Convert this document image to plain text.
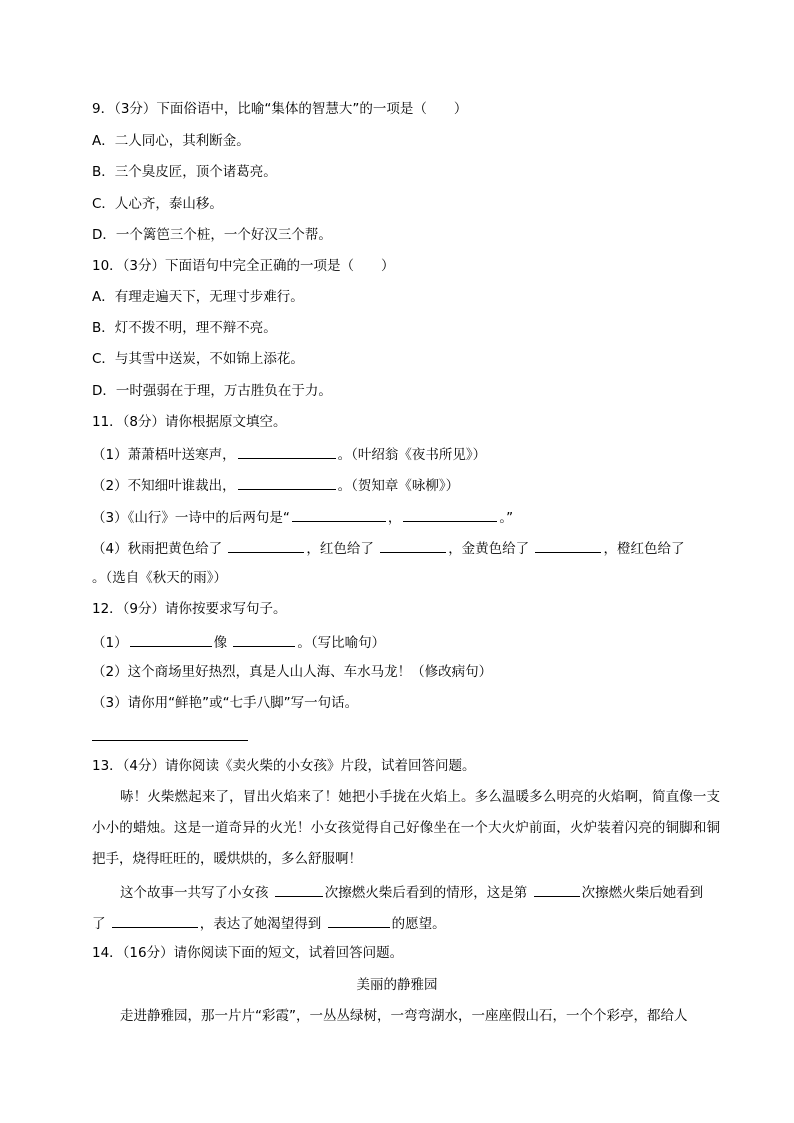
9．（3分）下面俗语中，比喻“集体的智慧大”的一项是（　　）
A．二人同心，其利断金。
B．三个臭皮匠，顶个诸葛亮。
C．人心齐，泰山移。
D．一个篱笆三个桩，一个好汉三个帮。
10．（3分）下面语句中完全正确的一项是（　　）
A．有理走遍天下，无理寸步难行。
B．灯不拨不明，理不辩不亮。
C．与其雪中送炭，不如锦上添花。
D．一时强弱在于理，万古胜负在于力。
11．（8分）请你根据原文填空。
（1）萧萧梧叶送寒声，	。（叶绍翁《夜书所见》）
（2）不知细叶谁裁出，	。（贺知章《咏柳》）
（3）《山行》一诗中的后两句是“	，	。”
（4）秋雨把黄色给了	，红色给了	，金黄色给了	，橙红色给了
。（选自《秋天的雨》）
12．（9分）请你按要求写句子。
（1）	像	。（写比喻句）
（2）这个商场里好热烈，真是人山人海、车水马龙！（修改病句）
（3）请你用“鲜艳”或“七手八脚”写一句话。
13．（4分）请你阅读《卖火柴的小女孩》片段，试着回答问题。

哧！火柴燃起来了，冒出火焰来了！她把小手拢在火焰上。多么温暖多么明亮的火焰啊，简直像一支小小的蜡烛。这是一道奇异的火光！小女孩觉得自己好像坐在一个大火炉前面，火炉装着闪亮的铜脚和铜把手，烧得旺旺的，暖烘烘的，多么舒服啊！

这个故事一共写了小女孩	次擦燃火柴后看到的情形，这是第	次擦燃火柴后她看到
了	，表达了她渴望得到	的愿望。
14．（16分）请你阅读下面的短文，试着回答问题。
美丽的静雅园
走进静雅园，那一片片“彩霞”，一丛丛绿树，一弯弯湖水，一座座假山石，一个个彩亭，都给人
